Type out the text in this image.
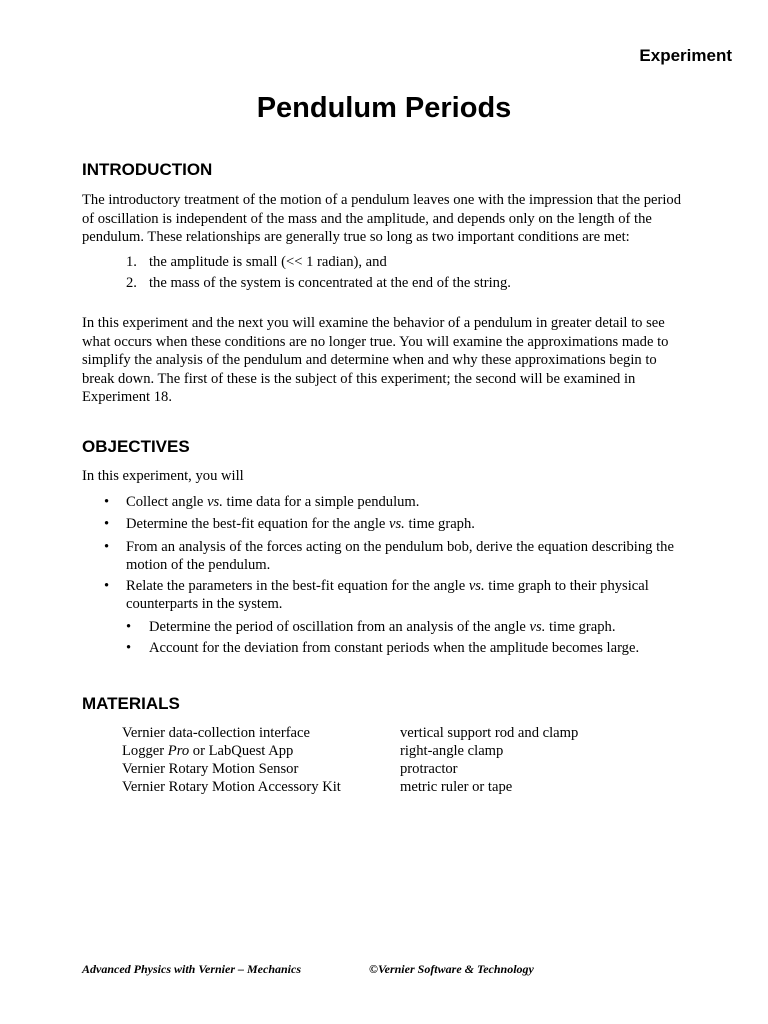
Experiment
Pendulum Periods
INTRODUCTION

The introductory treatment of the motion of a pendulum leaves one with the impression that the period of oscillation is independent of the mass and the amplitude, and depends only on the length of the pendulum. These relationships are generally true so long as two important conditions are met:

1. the amplitude is small (<< 1 radian), and
2. the mass of the system is concentrated at the end of the string.

In this experiment and the next you will examine the behavior of a pendulum in greater detail to see what occurs when these conditions are no longer true. You will examine the approximations made to simplify the analysis of the pendulum and determine when and why these approximations begin to break down. The first of these is the subject of this experiment; the second will be examined in Experiment 18.

OBJECTIVES

In this experiment, you will

• Collect angle vs. time data for a simple pendulum.
• Determine the best-fit equation for the angle vs. time graph.
• From an analysis of the forces acting on the pendulum bob, derive the equation describing the motion of the pendulum.
• Relate the parameters in the best-fit equation for the angle vs. time graph to their physical counterparts in the system.
• Determine the period of oscillation from an analysis of the angle vs. time graph.
• Account for the deviation from constant periods when the amplitude becomes large.
MATERIALS
Vernier data-collection interface
Logger Pro or LabQuest App
Vernier Rotary Motion Sensor
Vernier Rotary Motion Accessory Kit
vertical support rod and clamp
right-angle clamp
protractor
metric ruler or tape
Advanced Physics with Vernier – Mechanics	©Vernier Software & Technology
